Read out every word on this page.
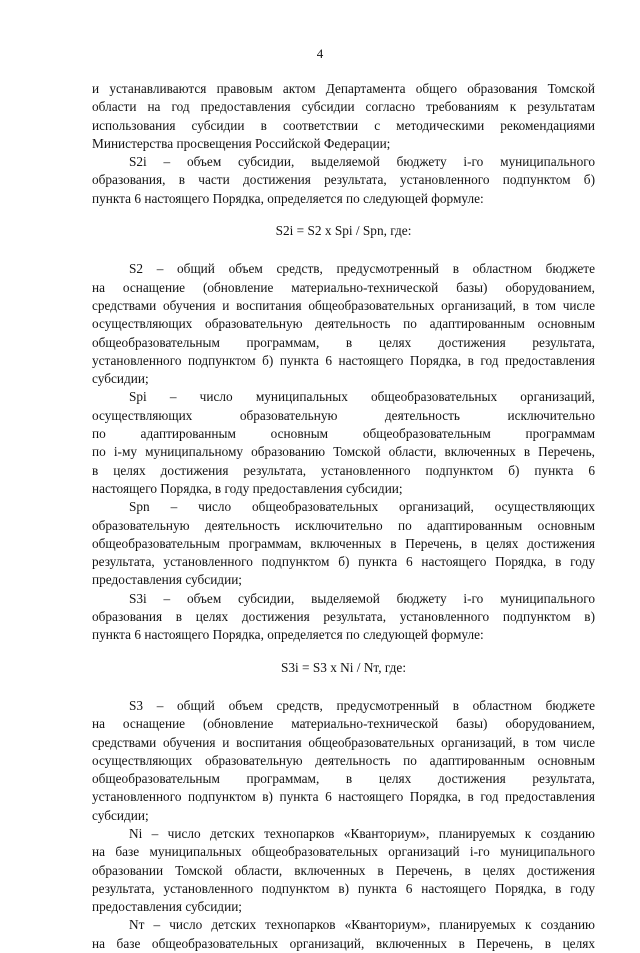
4
и устанавливаются правовым актом Департамента общего образования Томской
области на год предоставления субсидии согласно требованиям к результатам
использования субсидии в соответствии с методическими рекомендациями
Министерства просвещения Российской Федерации;
S2i – объем субсидии, выделяемой бюджету i-го муниципального
образования, в части достижения результата, установленного подпунктом б)
пункта 6 настоящего Порядка, определяется по следующей формуле:
S2i = S2 x Spi / Spn, где:
S2 – общий объем средств, предусмотренный в областном бюджете
на оснащение (обновление материально-технической базы) оборудованием,
средствами обучения и воспитания общеобразовательных организаций, в том числе
осуществляющих образовательную деятельность по адаптированным основным
общеобразовательным программам, в целях достижения результата,
установленного подпунктом б) пункта 6 настоящего Порядка, в год предоставления
субсидии;
Spi – число муниципальных общеобразовательных организаций,
осуществляющих образовательную деятельность исключительно
по адаптированным основным общеобразовательным программам
по i-му муниципальному образованию Томской области, включенных в Перечень,
в целях достижения результата, установленного подпунктом б) пункта 6
настоящего Порядка, в году предоставления субсидии;
Spn – число общеобразовательных организаций, осуществляющих
образовательную деятельность исключительно по адаптированным основным
общеобразовательным программам, включенных в Перечень, в целях достижения
результата, установленного подпунктом б) пункта 6 настоящего Порядка, в году
предоставления субсидии;
S3i – объем субсидии, выделяемой бюджету i-го муниципального
образования в целях достижения результата, установленного подпунктом в)
пункта 6 настоящего Порядка, определяется по следующей формуле:
S3i = S3 x Ni / Nт, где:
S3 – общий объем средств, предусмотренный в областном бюджете
на оснащение (обновление материально-технической базы) оборудованием,
средствами обучения и воспитания общеобразовательных организаций, в том числе
осуществляющих образовательную деятельность по адаптированным основным
общеобразовательным программам, в целях достижения результата,
установленного подпунктом в) пункта 6 настоящего Порядка, в год предоставления
субсидии;
Ni – число детских технопарков «Кванториум», планируемых к созданию
на базе муниципальных общеобразовательных организаций i-го муниципального
образовании Томской области, включенных в Перечень, в целях достижения
результата, установленного подпунктом в) пункта 6 настоящего Порядка, в году
предоставления субсидии;
Nт – число детских технопарков «Кванториум», планируемых к созданию
на базе общеобразовательных организаций, включенных в Перечень, в целях
